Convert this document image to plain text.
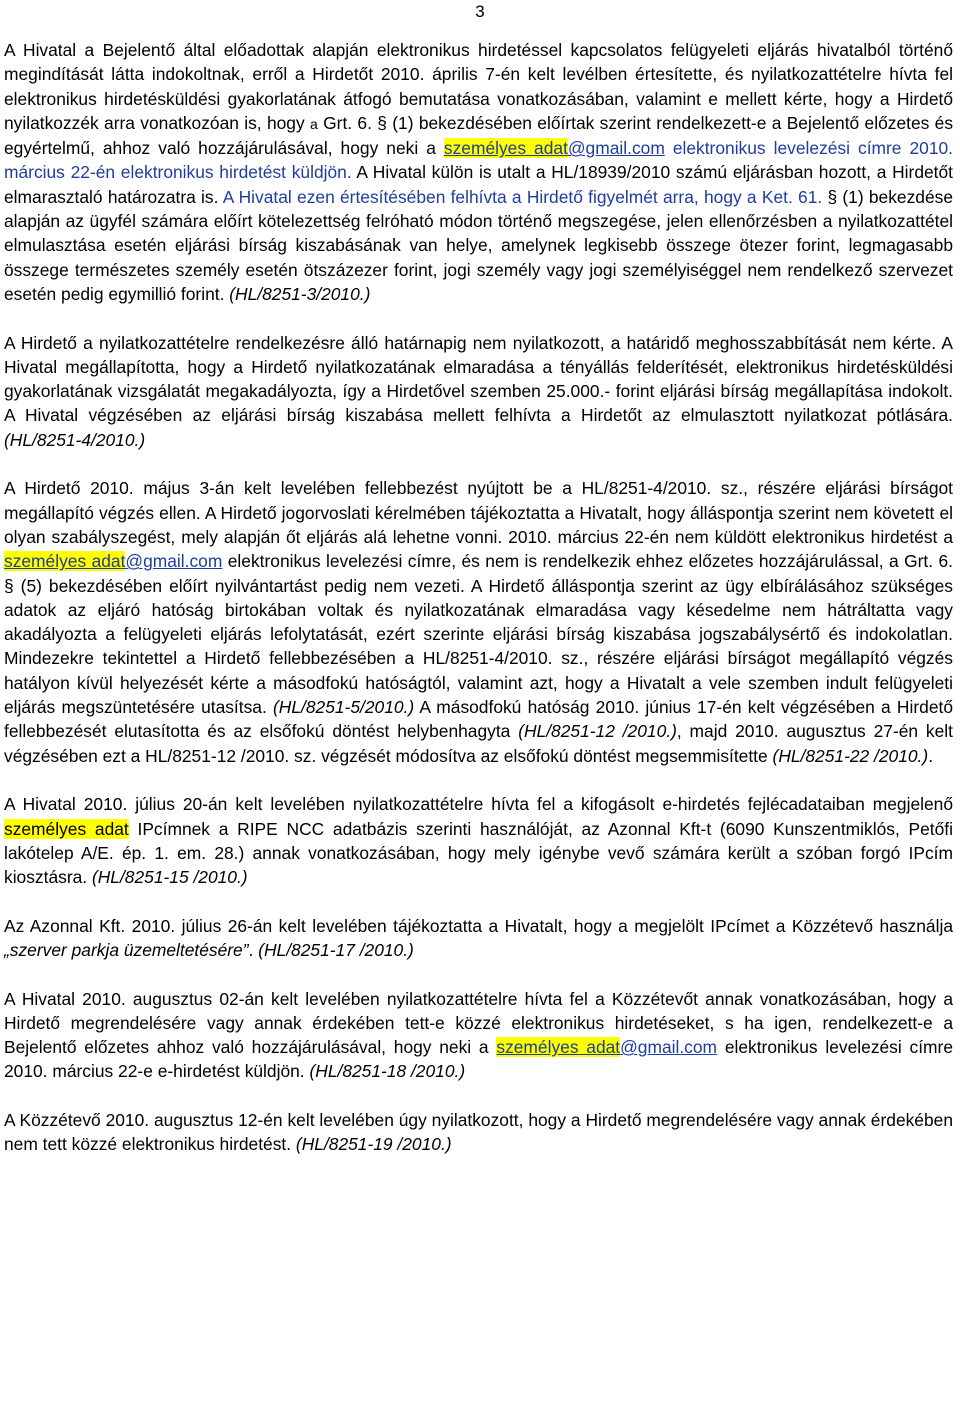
3

A Hivatal a Bejelentő által előadottak alapján elektronikus hirdetéssel kapcsolatos felügyeleti eljárás hivatalból történő megindítását látta indokoltnak, erről a Hirdetőt 2010. április 7-én kelt levélben értesítette, és nyilatkozattételre hívta fel elektronikus hirdetésküldési gyakorlatának átfogó bemutatása vonatkozásában, valamint e mellett kérte, hogy a Hirdető nyilatkozzék arra vonatkozóan is, hogy a Grt. 6. § (1) bekezdésében előírtak szerint rendelkezett-e a Bejelentő előzetes és egyértelmű, ahhoz való hozzájárulásával, hogy neki a személyes adat@gmail.com elektronikus levelezési címre 2010. március 22-én elektronikus hirdetést küldjön. A Hivatal külön is utalt a HL/18939/2010 számú eljárásban hozott, a Hirdetőt elmarasztaló határozatra is. A Hivatal ezen értesítésében felhívta a Hirdető figyelmét arra, hogy a Ket. 61. § (1) bekezdése alapján az ügyfél számára előírt kötelezettség felróható módon történő megszegése, jelen ellenőrzésben a nyilatkozattétel elmulasztása esetén eljárási bírság kiszabásának van helye, amelynek legkisebb összege ötezer forint, legmagasabb összege természetes személy esetén ötszázezer forint, jogi személy vagy jogi személyiséggel nem rendelkező szervezet esetén pedig egymillió forint. (HL/8251-3/2010.)

A Hirdető a nyilatkozattételre rendelkezésre álló határnapig nem nyilatkozott, a határidő meghosszabbítását nem kérte. A Hivatal megállapította, hogy a Hirdető nyilatkozatának elmaradása a tényállás felderítését, elektronikus hirdetésküldési gyakorlatának vizsgálatát megakadályozta, így a Hirdetővel szemben 25.000.- forint eljárási bírság megállapítása indokolt. A Hivatal végzésében az eljárási bírság kiszabása mellett felhívta a Hirdetőt az elmulasztott nyilatkozat pótlására. (HL/8251-4/2010.)

A Hirdető 2010. május 3-án kelt levelében fellebbezést nyújtott be a HL/8251-4/2010. sz., részére eljárási bírságot megállapító végzés ellen. A Hirdető jogorvoslati kérelmében tájékoztatta a Hivatalt, hogy álláspontja szerint nem követett el olyan szabályszegést, mely alapján őt eljárás alá lehetne vonni. 2010. március 22-én nem küldött elektronikus hirdetést a személyes adat@gmail.com elektronikus levelezési címre, és nem is rendelkezik ehhez előzetes hozzájárulással, a Grt. 6. § (5) bekezdésében előírt nyilvántartást pedig nem vezeti. A Hirdető álláspontja szerint az ügy elbírálásához szükséges adatok az eljáró hatóság birtokában voltak és nyilatkozatának elmaradása vagy késedelme nem hátráltatta vagy akadályozta a felügyeleti eljárás lefolytatását, ezért szerinte eljárási bírság kiszabása jogszabálysértő és indokolatlan. Mindezekre tekintettel a Hirdető fellebbezésében a HL/8251-4/2010. sz., részére eljárási bírságot megállapító végzés hatályon kívül helyezését kérte a másodfokú hatóságtól, valamint azt, hogy a Hivatalt a vele szemben indult felügyeleti eljárás megszüntetésére utasítsa. (HL/8251-5/2010.) A másodfokú hatóság 2010. június 17-én kelt végzésében a Hirdető fellebbezését elutasította és az elsőfokú döntést helybenhagyta (HL/8251-12 /2010.), majd 2010. augusztus 27-én kelt végzésében ezt a HL/8251-12 /2010. sz. végzését módosítva az elsőfokú döntést megsemmisítette (HL/8251-22 /2010.).

A Hivatal 2010. július 20-án kelt levelében nyilatkozattételre hívta fel a kifogásolt e-hirdetés fejlécadataiban megjelenő személyes adat IPcímnek a RIPE NCC adatbázis szerinti használóját, az Azonnal Kft-t (6090 Kunszentmiklós, Petőfi lakótelep A/E. ép. 1. em. 28.) annak vonatkozásában, hogy mely igénybe vevő számára került a szóban forgó IPcím kiosztásra. (HL/8251-15 /2010.)

Az Azonnal Kft. 2010. július 26-án kelt levelében tájékoztatta a Hivatalt, hogy a megjelölt IPcímet a Közzétevő használja „szerver parkja üzemeltetésére”. (HL/8251-17 /2010.)

A Hivatal 2010. augusztus 02-án kelt levelében nyilatkozattételre hívta fel a Közzétevőt annak vonatkozásában, hogy a Hirdető megrendelésére vagy annak érdekében tett-e közzé elektronikus hirdetéseket, s ha igen, rendelkezett-e a Bejelentő előzetes ahhoz való hozzájárulásával, hogy neki a személyes adat@gmail.com elektronikus levelezési címre 2010. március 22-e e-hirdetést küldjön. (HL/8251-18 /2010.)

A Közzétevő 2010. augusztus 12-én kelt levelében úgy nyilatkozott, hogy a Hirdető megrendelésére vagy annak érdekében nem tett közzé elektronikus hirdetést. (HL/8251-19 /2010.)
